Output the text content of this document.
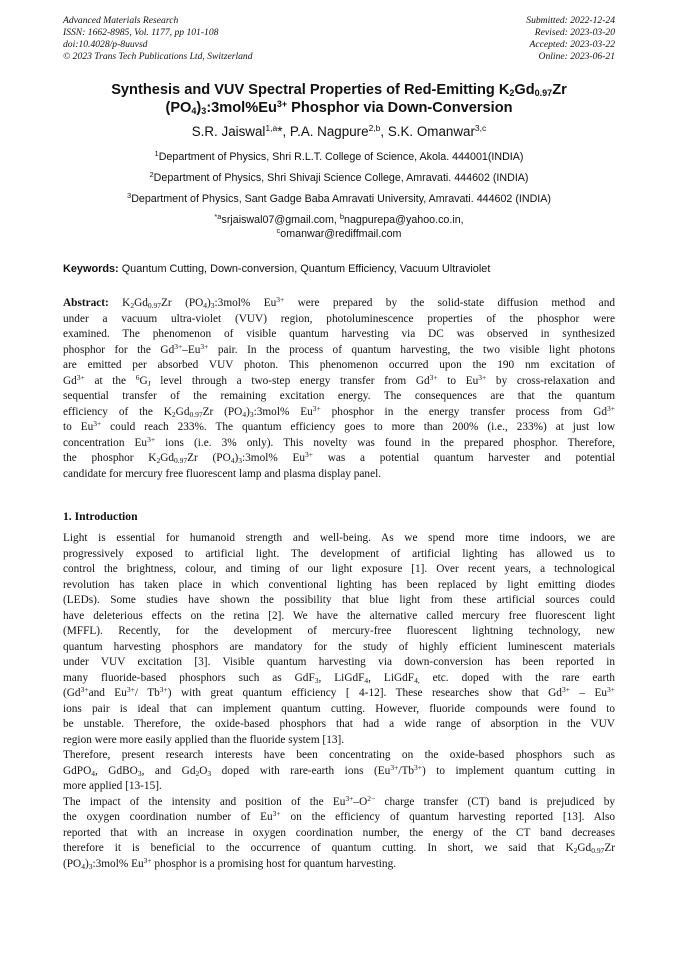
Advanced Materials Research
ISSN: 1662-8985, Vol. 1177, pp 101-108
doi:10.4028/p-8uuvsd
© 2023 Trans Tech Publications Ltd, Switzerland
Submitted: 2022-12-24
Revised: 2023-03-20
Accepted: 2023-03-22
Online: 2023-06-21
Synthesis and VUV Spectral Properties of Red-Emitting $K_2Gd_{0.97}Zr$
$(PO_4)_3:3mol\%Eu^{3+}$ Phosphor via Down-Conversion
S.R. Jaiswal$^{1,a}$*, P.A. Nagpure$^{2,b}$, S.K. Omanwar$^{3,c}$
$^1$Department of Physics, Shri R.L.T. College of Science, Akola. 444001(INDIA)
$^2$Department of Physics, Shri Shivaji Science College, Amravati. 444602 (INDIA)
$^3$Department of Physics, Sant Gadge Baba Amravati University, Amravati. 444602 (INDIA)
$^{*a}$srjaiswal07@gmail.com, $^b$nagpurepa@yahoo.co.in,
$^c$omanwar@rediffmail.com
Keywords: Quantum Cutting, Down-conversion, Quantum Efficiency, Vacuum Ultraviolet
Abstract: $K_2Gd_{0.97}Zr$ $(PO_4)_3:3mol\%$ $Eu^{3+}$ were prepared by the solid-state diffusion method and
under a vacuum ultra-violet (VUV) region, photoluminescence properties of the phosphor were
examined. The phenomenon of visible quantum harvesting via DC was observed in synthesized
phosphor for the $Gd^{3+}-Eu^{3+}$ pair. In the process of quantum harvesting, the two visible light photons
are emitted per absorbed VUV photon. This phenomenon occurred upon the 190 nm excitation of
$Gd^{3+}$ at the $^6G_J$ level through a two-step energy transfer from $Gd^{3+}$ to $Eu^{3+}$ by cross-relaxation and
sequential transfer of the remaining excitation energy. The consequences are that the quantum
efficiency of the $K_2Gd_{0.97}Zr$ $(PO_4)_3:3mol\%$ $Eu^{3+}$ phosphor in the energy transfer process from $Gd^{3+}$
to $Eu^{3+}$ could reach 233%. The quantum efficiency goes to more than 200% (i.e., 233%) at just low
concentration $Eu^{3+}$ ions (i.e. 3% only). This novelty was found in the prepared phosphor. Therefore,
the phosphor $K_2Gd_{0.97}Zr$ $(PO_4)_3:3mol\%$ $Eu^{3+}$ was a potential quantum harvester and potential
candidate for mercury free fluorescent lamp and plasma display panel.
1. Introduction
Light is essential for humanoid strength and well-being. As we spend more time indoors, we are
progressively exposed to artificial light. The development of artificial lighting has allowed us to
control the brightness, colour, and timing of our light exposure [1]. Over recent years, a technological
revolution has taken place in which conventional lighting has been replaced by light emitting diodes
(LEDs). Some studies have shown the possibility that blue light from these artificial sources could
have deleterious effects on the retina [2]. We have the alternative called mercury free fluorescent light
(MFFL). Recently, for the development of mercury-free fluorescent lightning technology, new
quantum harvesting phosphors are mandatory for the study of highly efficient luminescent materials
under VUV excitation [3]. Visible quantum harvesting via down-conversion has been reported in
many fluoride-based phosphors such as GdF$_3$, LiGdF$_4$, LiGdF$_{4,}$ etc. doped with the rare earth
($Gd^{3+}and$ $Eu^{3+}/$ $Tb^{3+}$) with great quantum efficiency [ 4-12]. These researches show that $Gd^{3+} - Eu^{3+}$
ions pair is ideal that can implement quantum cutting. However, fluoride compounds were found to
be unstable. Therefore, the oxide-based phosphors that had a wide range of absorption in the VUV
region were more easily applied than the fluoride system [13].
Therefore, present research interests have been concentrating on the oxide-based phosphors such as
GdPO$_4$, GdBO$_3$, and $Gd_2O_3$ doped with rare-earth ions $(Eu^{3+}/Tb^{3+})$ to implement quantum cutting in
more applied [13-15].
The impact of the intensity and position of the $Eu^{3+}-O^{2-}$ charge transfer (CT) band is prejudiced by
the oxygen coordination number of $Eu^{3+}$ on the efficiency of quantum harvesting reported [13]. Also
reported that with an increase in oxygen coordination number, the energy of the CT band decreases
therefore it is beneficial to the occurrence of quantum cutting. In short, we said that $K_2Gd_{0.97}Zr$
$(PO_4)_3:3mol\%$ $Eu^{3+}$ phosphor is a promising host for quantum harvesting.
